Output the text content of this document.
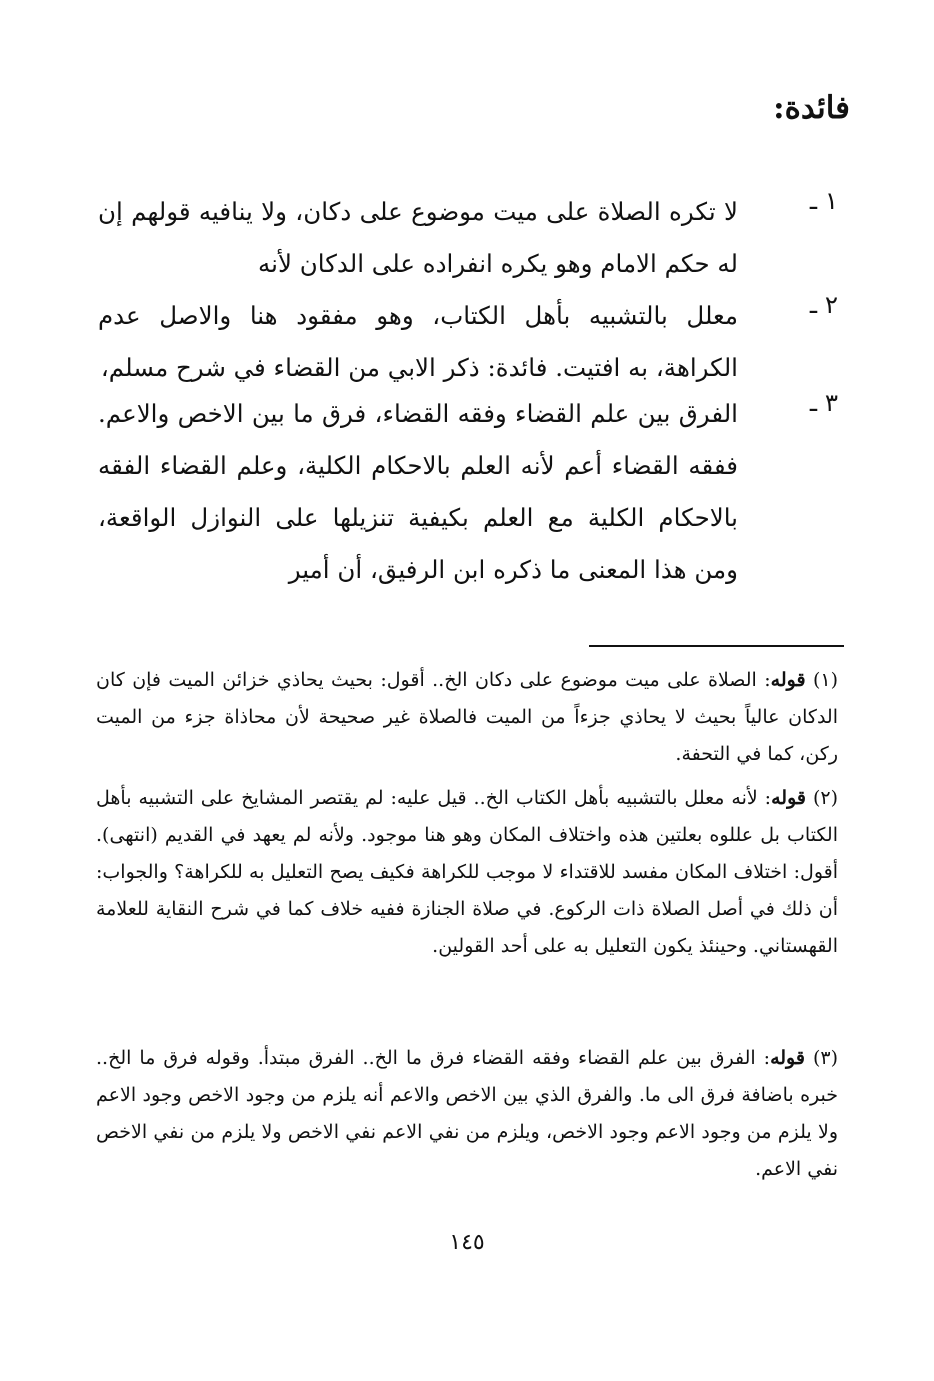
فائدة:
١ ـ
لا تكره الصلاة على ميت موضوع على دكان، ولا ينافيه قولهم إن له حكم الامام وهو يكره انفراده على الدكان لأنه
٢ ـ
معلل بالتشبيه بأهل الكتاب، وهو مفقود هنا والاصل عدم الكراهة، به افتيت. فائدة: ذكر الابي من القضاء في شرح مسلم،
٣ ـ
الفرق بين علم القضاء وفقه القضاء، فرق ما بين الاخص والاعم. ففقه القضاء أعم لأنه العلم بالاحكام الكلية، وعلم القضاء الفقه بالاحكام الكلية مع العلم بكيفية تنزيلها على النوازل الواقعة، ومن هذا المعنى ما ذكره ابن الرفيق، أن أمير
(١) قوله: الصلاة على ميت موضوع على دكان الخ.. أقول: بحيث يحاذي خزائن الميت فإن كان الدكان عالياً بحيث لا يحاذي جزءاً من الميت فالصلاة غير صحيحة لأن محاذاة جزء من الميت ركن، كما في التحفة.
(٢) قوله: لأنه معلل بالتشبيه بأهل الكتاب الخ.. قيل عليه: لم يقتصر المشايخ على التشبيه بأهل الكتاب بل عللوه بعلتين هذه واختلاف المكان وهو هنا موجود. ولأنه لم يعهد في القديم (انتهى). أقول: اختلاف المكان مفسد للاقتداء لا موجب للكراهة فكيف يصح التعليل به للكراهة؟ والجواب: أن ذلك في أصل الصلاة ذات الركوع. في صلاة الجنازة ففيه خلاف كما في شرح النقاية للعلامة القهستاني. وحينئذ يكون التعليل به على أحد القولين.
(٣) قوله: الفرق بين علم القضاء وفقه القضاء فرق ما الخ.. الفرق مبتدأ. وقوله فرق ما الخ.. خبره باضافة فرق الى ما. والفرق الذي بين الاخص والاعم أنه يلزم من وجود الاخص وجود الاعم ولا يلزم من وجود الاعم وجود الاخص، ويلزم من نفي الاعم نفي الاخص ولا يلزم من نفي الاخص نفي الاعم.
١٤٥
